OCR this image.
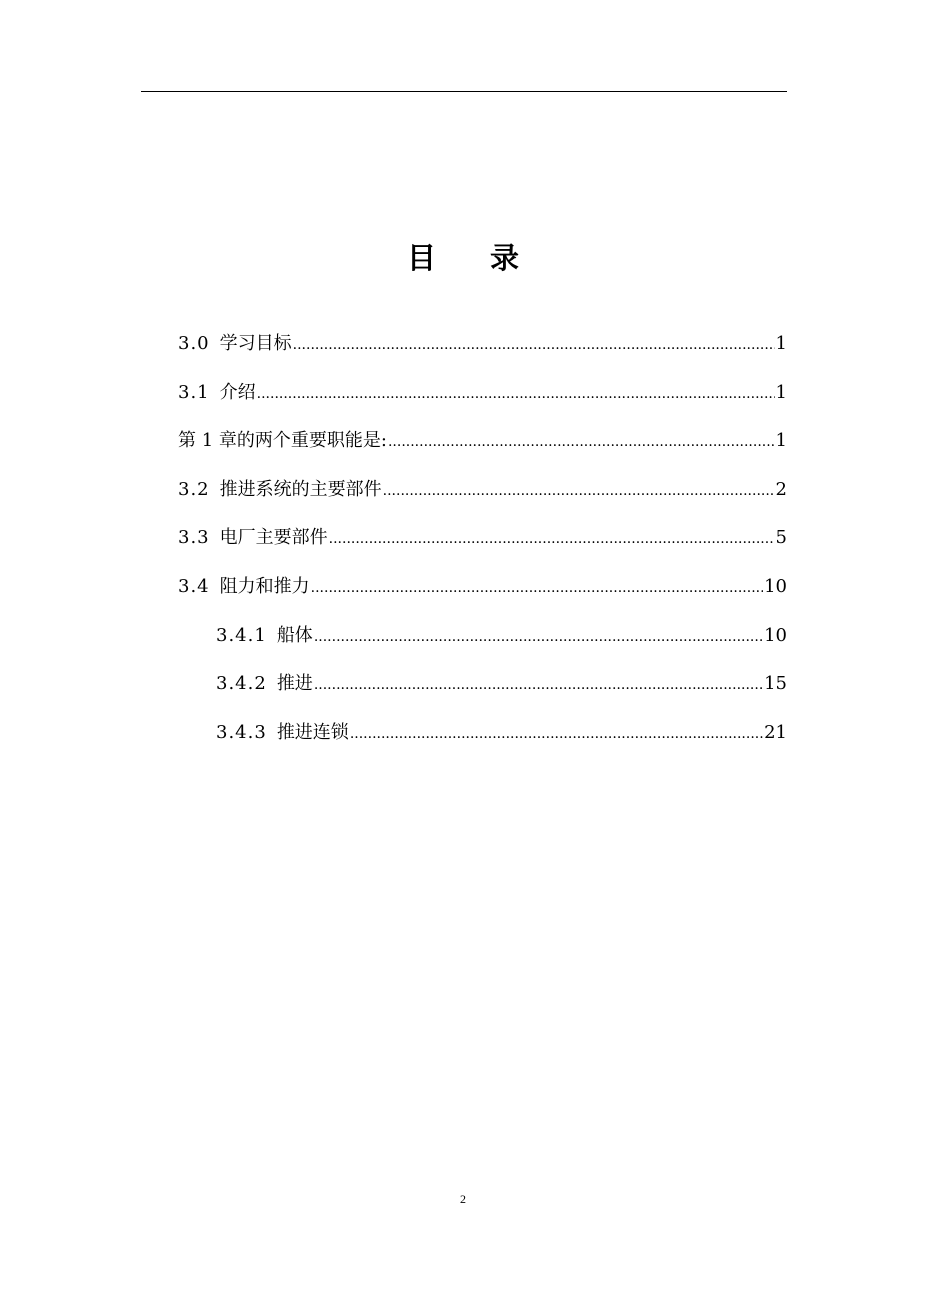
目 录
3.0 学习目标 .....	1
3.1 介绍 .....	1
第 1 章的两个重要职能是: .....	1
3.2 推进系统的主要部件 .....	2
3.3 电厂主要部件 .....	5
3.4 阻力和推力 .....	10
3.4.1 船体 .....	10
3.4.2 推进 .....	15
3.4.3 推进连锁 .....	21
2
